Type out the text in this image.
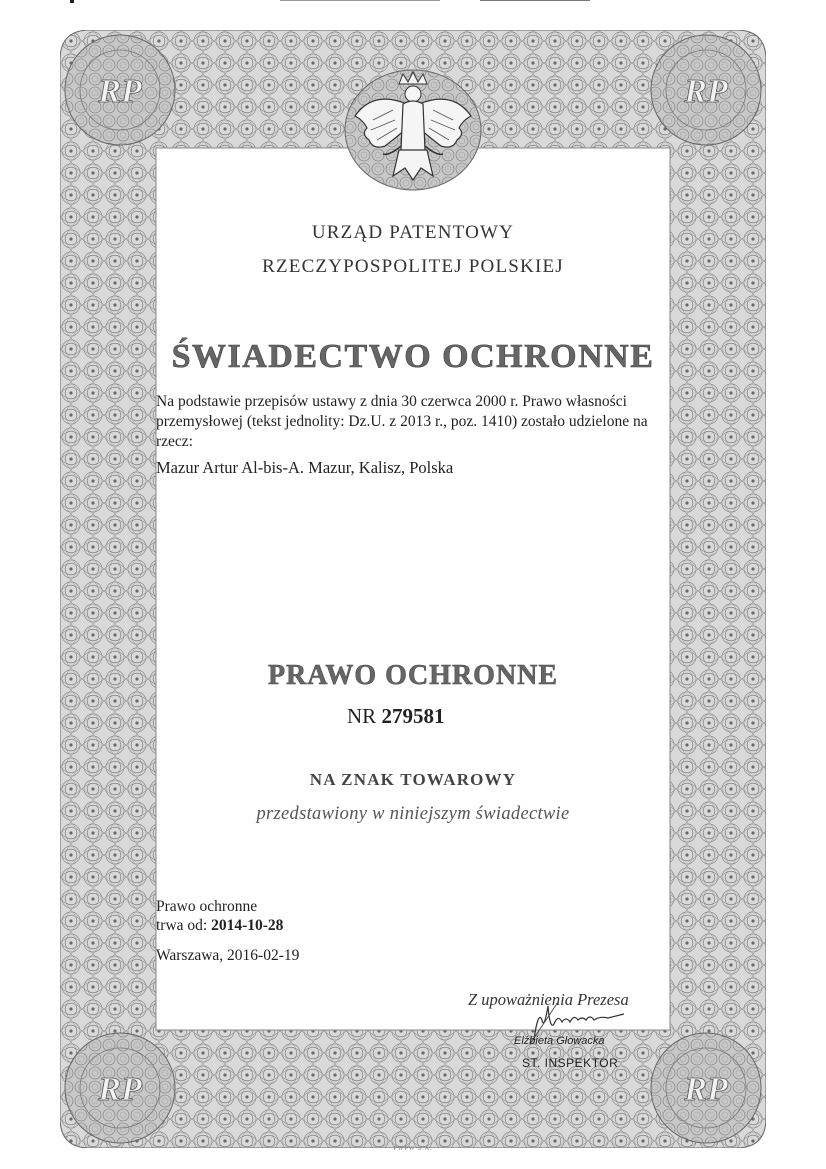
RP	RP
RP	RP
URZĄD PATENTOWY
RZECZYPOSPOLITEJ POLSKIEJ
ŚWIADECTWO OCHRONNE
Na podstawie przepisów ustawy z dnia 30 czerwca 2000 r. Prawo własności przemysłowej (tekst jednolity: Dz.U. z 2013 r., poz. 1410) zostało udzielone na rzecz:
Mazur Artur Al-bis-A. Mazur, Kalisz, Polska
PRAWO OCHRONNE
NR 279581
NA ZNAK TOWAROWY
przedstawiony w niniejszym świadectwie
Prawo ochronne
trwa od: 2014-10-28
Warszawa, 2016-02-19
Z upoważnienia Prezesa
Elżbieta Głowacka
ST. INSPEKTOR
PWPW S.A.
